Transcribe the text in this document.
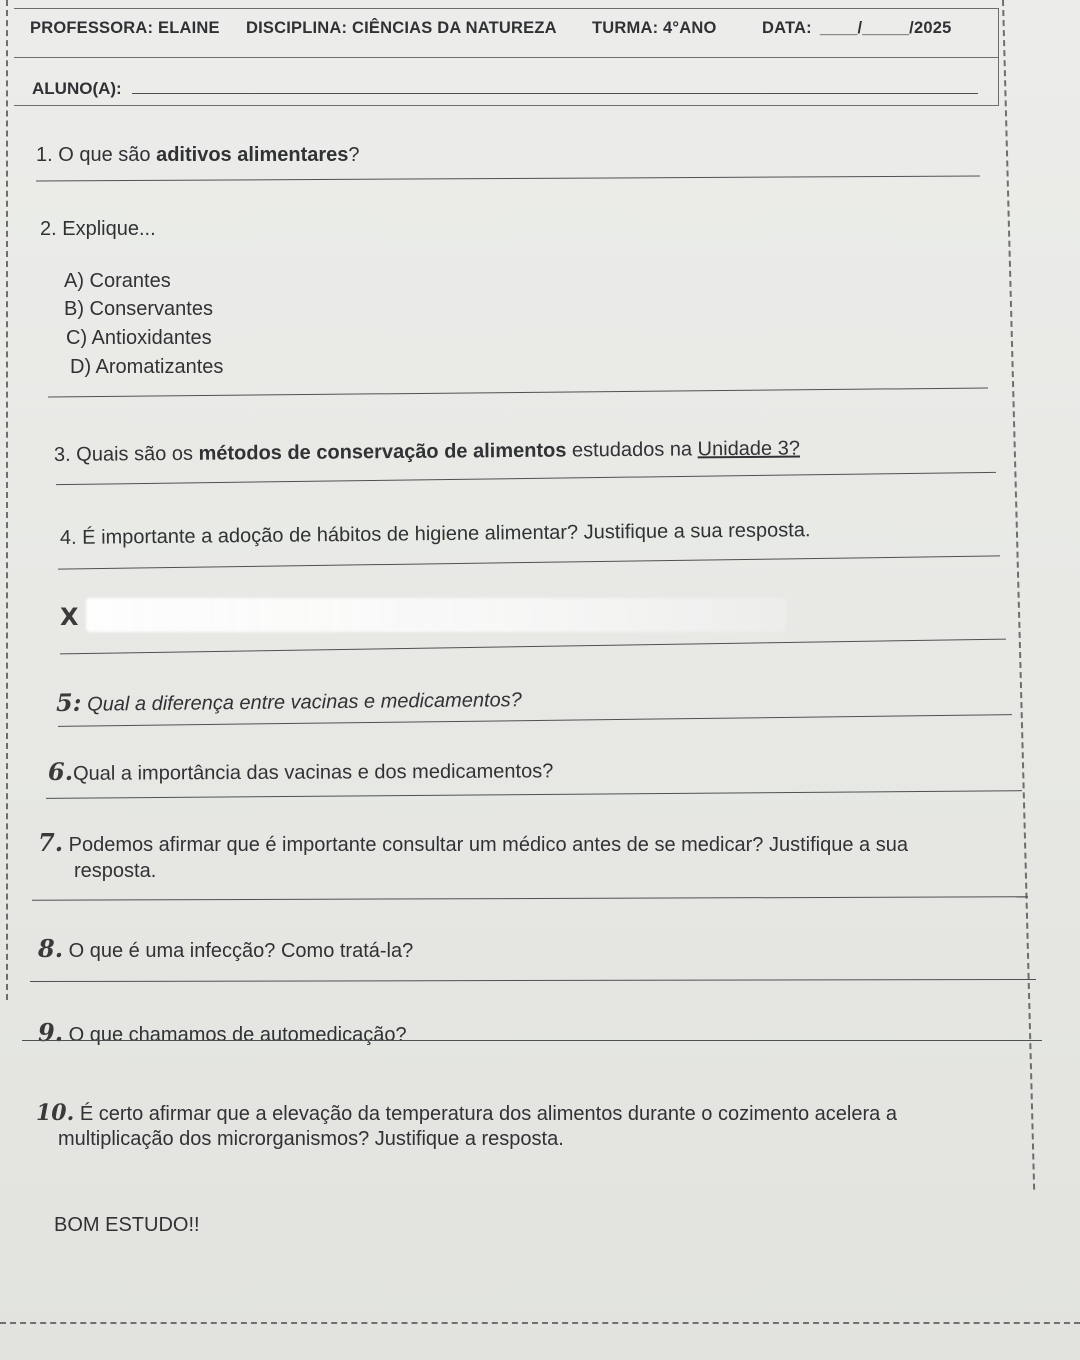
PROFESSORA: ELAINE DISCIPLINA: CIÊNCIAS DA NATUREZA TURMA: 4°ANO	DATA: ____/_____/2025
ALUNO(A):
1. O que são aditivos alimentares?
2. Explique...
A) Corantes
B) Conservantes
C) Antioxidantes
D) Aromatizantes
3. Quais são os métodos de conservação de alimentos estudados na Unidade 3?
4. É importante a adoção de hábitos de higiene alimentar? Justifique a sua resposta.
X
5: Qual a diferença entre vacinas e medicamentos?
6.Qual a importância das vacinas e dos medicamentos?
7. Podemos afirmar que é importante consultar um médico antes de se medicar? Justifique a sua
resposta.
8. O que é uma infecção? Como tratá-la?
9. O que chamamos de automedicação?
10. É certo afirmar que a elevação da temperatura dos alimentos durante o cozimento acelera a
multiplicação dos microrganismos? Justifique a resposta.
BOM ESTUDO!!
